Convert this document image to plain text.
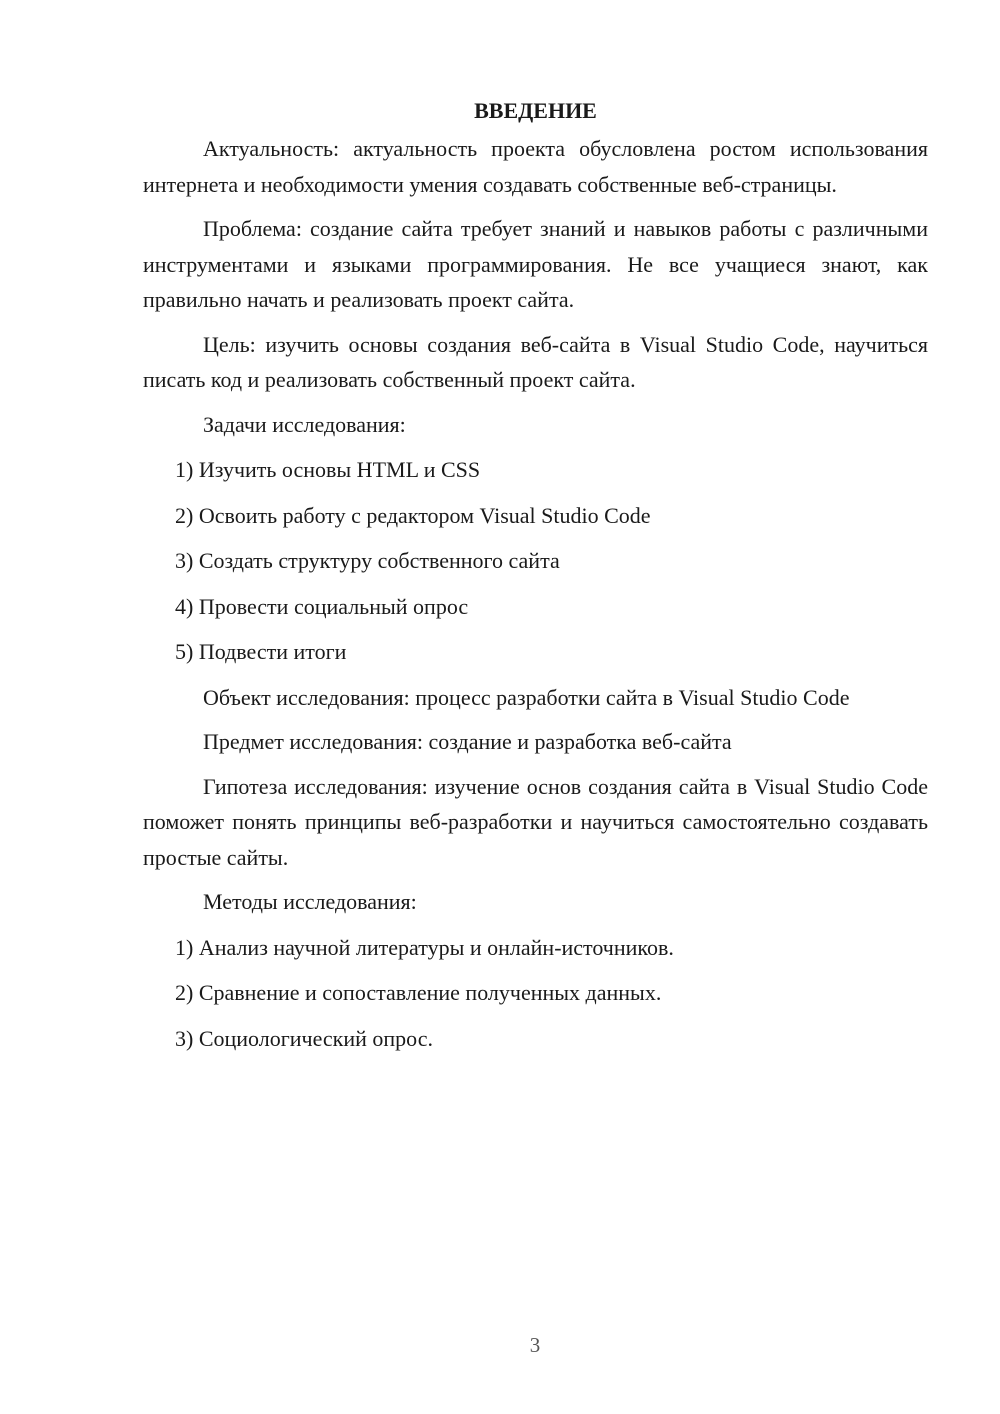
ВВЕДЕНИЕ

Актуальность: актуальность проекта обусловлена ростом использования интернета и необходимости умения создавать собственные веб-страницы.

Проблема: создание сайта требует знаний и навыков работы с различными инструментами и языками программирования. Не все учащиеся знают, как правильно начать и реализовать проект сайта.

Цель: изучить основы создания веб-сайта в Visual Studio Code, научиться писать код и реализовать собственный проект сайта.

Задачи исследования:

1) Изучить основы HTML и CSS
2) Освоить работу с редактором Visual Studio Code
3) Создать структуру собственного сайта
4) Провести социальный опрос
5) Подвести итоги

Объект исследования: процесс разработки сайта в Visual Studio Code

Предмет исследования: создание и разработка веб-сайта

Гипотеза исследования: изучение основ создания сайта в Visual Studio Code поможет понять принципы веб-разработки и научиться самостоятельно создавать простые сайты.

Методы исследования:

1) Анализ научной литературы и онлайн-источников.
2) Сравнение и сопоставление полученных данных.
3) Социологический опрос.
3
